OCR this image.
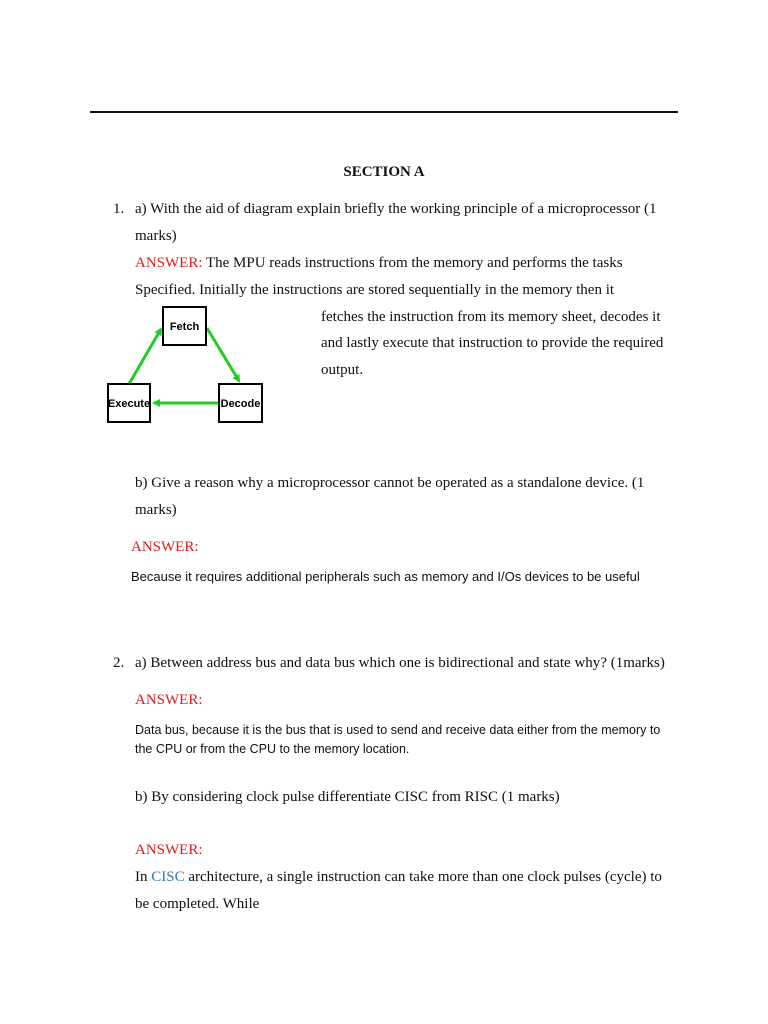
SECTION A
1. a) With the aid of diagram explain briefly the working principle of a microprocessor (1
marks)
ANSWER: The MPU reads instructions from the memory and performs the tasks
Specified. Initially the instructions are stored sequentially in the memory then it
fetches the instruction from its memory sheet, decodes it
and lastly execute that instruction to provide the required
output.
Fetch
Decode
Execute
b) Give a reason why a microprocessor cannot be operated as a standalone device. (1
marks)
ANSWER:
Because it requires additional peripherals such as memory and I/Os devices to be useful
2. a) Between address bus and data bus which one is bidirectional and state why? (1marks)
ANSWER:
Data bus, because it is the bus that is used to send and receive data either from the memory to
the CPU or from the CPU to the memory location.
b) By considering clock pulse differentiate CISC from RISC (1 marks)
ANSWER:
In CISC architecture, a single instruction can take more than one clock pulses (cycle) to
be completed. While
